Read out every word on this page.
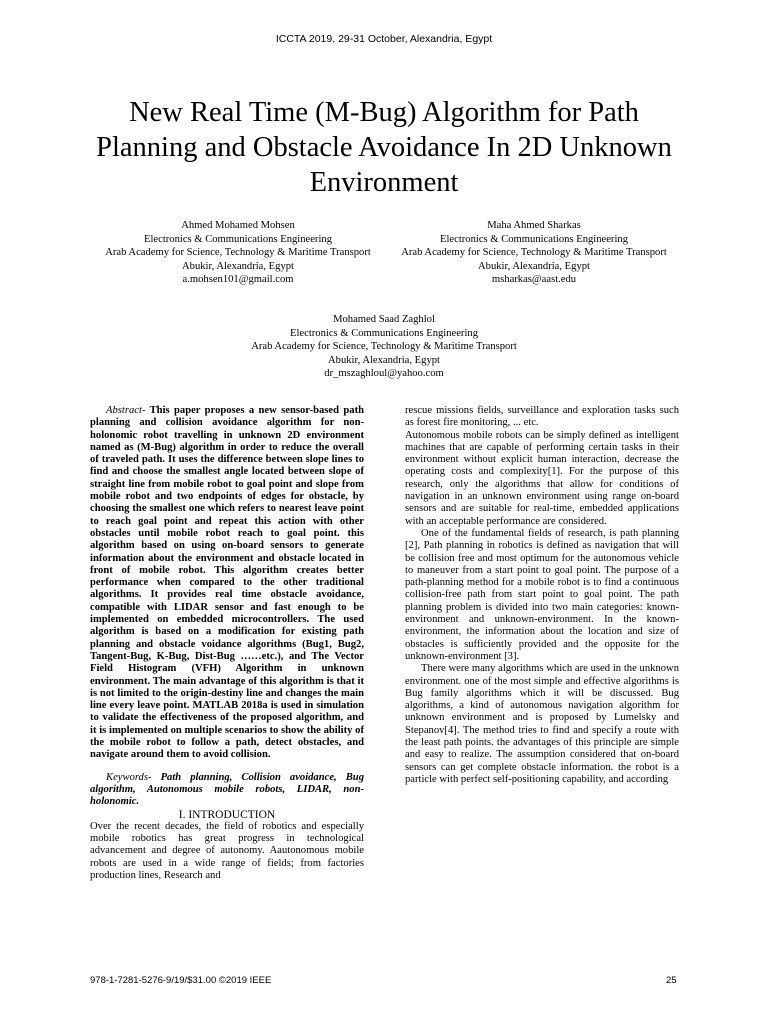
ICCTA 2019, 29-31 October, Alexandria, Egypt
New Real Time (M-Bug) Algorithm for Path Planning and Obstacle Avoidance In 2D Unknown Environment
Ahmed Mohamed Mohsen
Electronics & Communications Engineering
Arab Academy for Science, Technology & Maritime Transport
Abukir, Alexandria, Egypt
a.mohsen101@gmail.com
Maha Ahmed Sharkas
Electronics & Communications Engineering
Arab Academy for Science, Technology & Maritime Transport
Abukir, Alexandria, Egypt
msharkas@aast.edu
Mohamed Saad Zaghlol
Electronics & Communications Engineering
Arab Academy for Science, Technology & Maritime Transport
Abukir, Alexandria, Egypt
dr_mszaghloul@yahoo.com

Abstract- This paper proposes a new sensor-based path planning and collision avoidance algorithm for non-holonomic robot travelling in unknown 2D environment named as (M-Bug) algorithm in order to reduce the overall of traveled path. It uses the difference between slope lines to find and choose the smallest angle located between slope of straight line from mobile robot to goal point and slope from mobile robot and two endpoints of edges for obstacle, by choosing the smallest one which refers to nearest leave point to reach goal point and repeat this action with other obstacles until mobile robot reach to goal point. this algorithm based on using on-board sensors to generate information about the environment and obstacle located in front of mobile robot. This algorithm creates better performance when compared to the other traditional algorithms. It provides real time obstacle avoidance, compatible with LIDAR sensor and fast enough to be implemented on embedded microcontrollers. The used algorithm is based on a modification for existing path planning and obstacle voidance algorithms (Bug1, Bug2, Tangent-Bug, K-Bug, Dist-Bug ……etc.), and The Vector Field Histogram (VFH) Algorithm in unknown environment. The main advantage of this algorithm is that it is not limited to the origin-destiny line and changes the main line every leave point. MATLAB 2018a is used in simulation to validate the effectiveness of the proposed algorithm, and it is implemented on multiple scenarios to show the ability of the mobile robot to follow a path, detect obstacles, and navigate around them to avoid collision.

Keywords- Path planning, Collision avoidance, Bug algorithm, Autonomous mobile robots, LIDAR, non-holonomic.

I. INTRODUCTION

Over the recent decades, the field of robotics and especially mobile robotics has great progress in technological advancement and degree of autonomy. Aautonomous mobile robots are used in a wide range of fields; from factories production lines, Research and

rescue missions fields, surveillance and exploration tasks such as forest fire monitoring, ... etc.

Autonomous mobile robots can be simply defined as intelligent machines that are capable of performing certain tasks in their environment without explicit human interaction, decrease the operating costs and complexity[1]. For the purpose of this research, only the algorithms that allow for conditions of navigation in an unknown environment using range on-board sensors and are suitable for real-time, embedded applications with an acceptable performance are considered.

One of the fundamental fields of research, is path planning [2], Path planning in robotics is defined as navigation that will be collision free and most optimum for the autonomous vehicle to maneuver from a start point to goal point. The purpose of a path-planning method for a mobile robot is to find a continuous collision-free path from start point to goal point. The path planning problem is divided into two main categories: known-environment and unknown-environment. In the known-environment, the information about the location and size of obstacles is sufficiently provided and the opposite for the unknown-environment [3].

There were many algorithms which are used in the unknown environment. one of the most simple and effective algorithms is Bug family algorithms which it will be discussed. Bug algorithms, a kind of autonomous navigation algorithm for unknown environment and is proposed by Lumelsky and Stepanov[4]. The method tries to find and specify a route with the least path points. the advantages of this principle are simple and easy to realize. The assumption considered that on-board sensors can get complete obstacle information. the robot is a particle with perfect self-positioning capability, and according

978-1-7281-5276-9/19/$31.00 ©2019 IEEE	25
